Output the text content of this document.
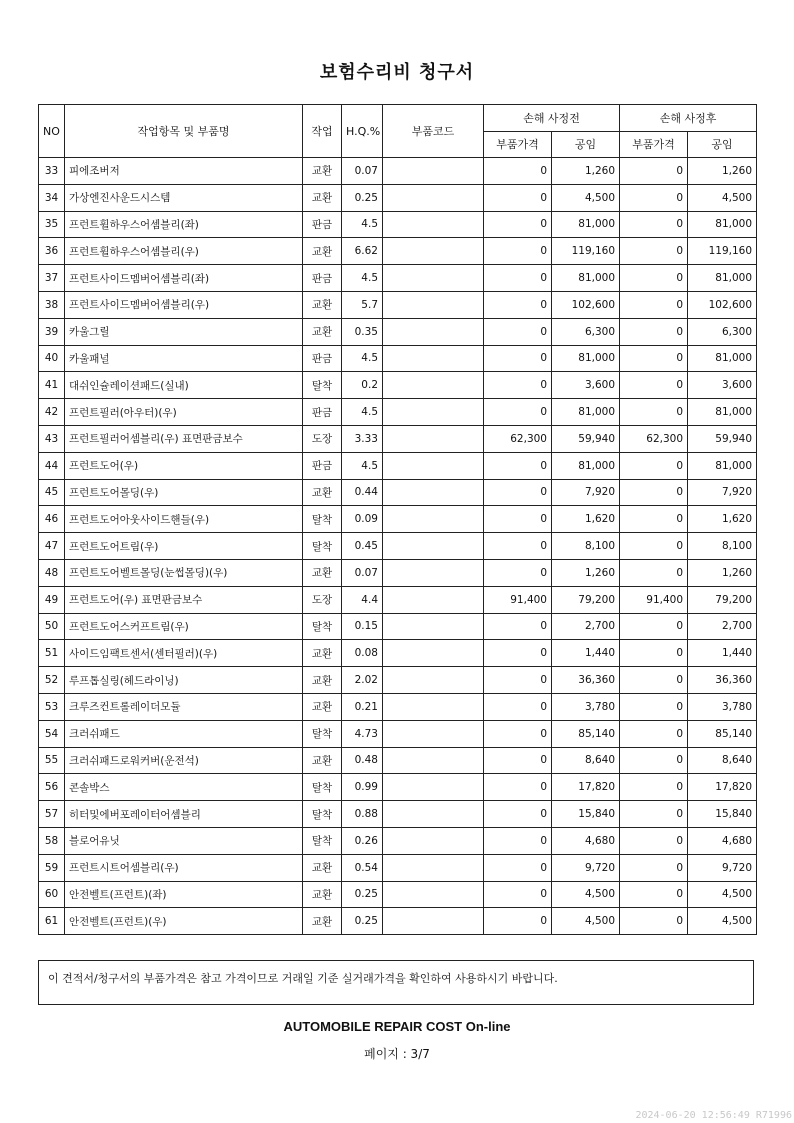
보험수리비 청구서
NO	작업항목 및 부품명	작업	H.Q.%	부품코드	손해 사정전		손해 사정후	
					부품가격	공임	부품가격	공임
33	피에조버저	교환	0.07		0	1,260	0	1,260
34	가상엔진사운드시스템	교환	0.25		0	4,500	0	4,500
35	프런트휠하우스어셈블리(좌)	판금	4.5		0	81,000	0	81,000
36	프런트휠하우스어셈블리(우)	교환	6.62		0	119,160	0	119,160
37	프런트사이드멤버어셈블리(좌)	판금	4.5		0	81,000	0	81,000
38	프런트사이드멤버어셈블리(우)	교환	5.7		0	102,600	0	102,600
39	카울그릴	교환	0.35		0	6,300	0	6,300
40	카울패널	판금	4.5		0	81,000	0	81,000
41	대쉬인슐레이션패드(실내)	탈착	0.2		0	3,600	0	3,600
42	프런트필러(아우터)(우)	판금	4.5		0	81,000	0	81,000
43	프런트필러어셈블리(우) 표면판금보수	도장	3.33		62,300	59,940	62,300	59,940
44	프런트도어(우)	판금	4.5		0	81,000	0	81,000
45	프런트도어몰딩(우)	교환	0.44		0	7,920	0	7,920
46	프런트도어아웃사이드핸들(우)	탈착	0.09		0	1,620	0	1,620
47	프런트도어트림(우)	탈착	0.45		0	8,100	0	8,100
48	프런트도어벨트몰딩(눈썹몰딩)(우)	교환	0.07		0	1,260	0	1,260
49	프런트도어(우) 표면판금보수	도장	4.4		91,400	79,200	91,400	79,200
50	프런트도어스커프트림(우)	탈착	0.15		0	2,700	0	2,700
51	사이드임팩트센서(센터필러)(우)	교환	0.08		0	1,440	0	1,440
52	루프톱실링(헤드라이닝)	교환	2.02		0	36,360	0	36,360
53	크루즈컨트롤레이더모듈	교환	0.21		0	3,780	0	3,780
54	크러쉬패드	탈착	4.73		0	85,140	0	85,140
55	크러쉬패드로워커버(운전석)	교환	0.48		0	8,640	0	8,640
56	콘솔박스	탈착	0.99		0	17,820	0	17,820
57	히터및에버포레이터어셈블리	탈착	0.88		0	15,840	0	15,840
58	블로어유닛	탈착	0.26		0	4,680	0	4,680
59	프런트시트어셈블리(우)	교환	0.54		0	9,720	0	9,720
60	안전벨트(프런트)(좌)	교환	0.25		0	4,500	0	4,500
61	안전벨트(프런트)(우)	교환	0.25		0	4,500	0	4,500
이 견적서/청구서의 부품가격은 참고 가격이므로 거래일 기준 실거래가격을 확인하여 사용하시기 바랍니다.
AUTOMOBILE REPAIR COST On-line
페이지 : 3/7
2024-06-20 12:56:49 R71996
